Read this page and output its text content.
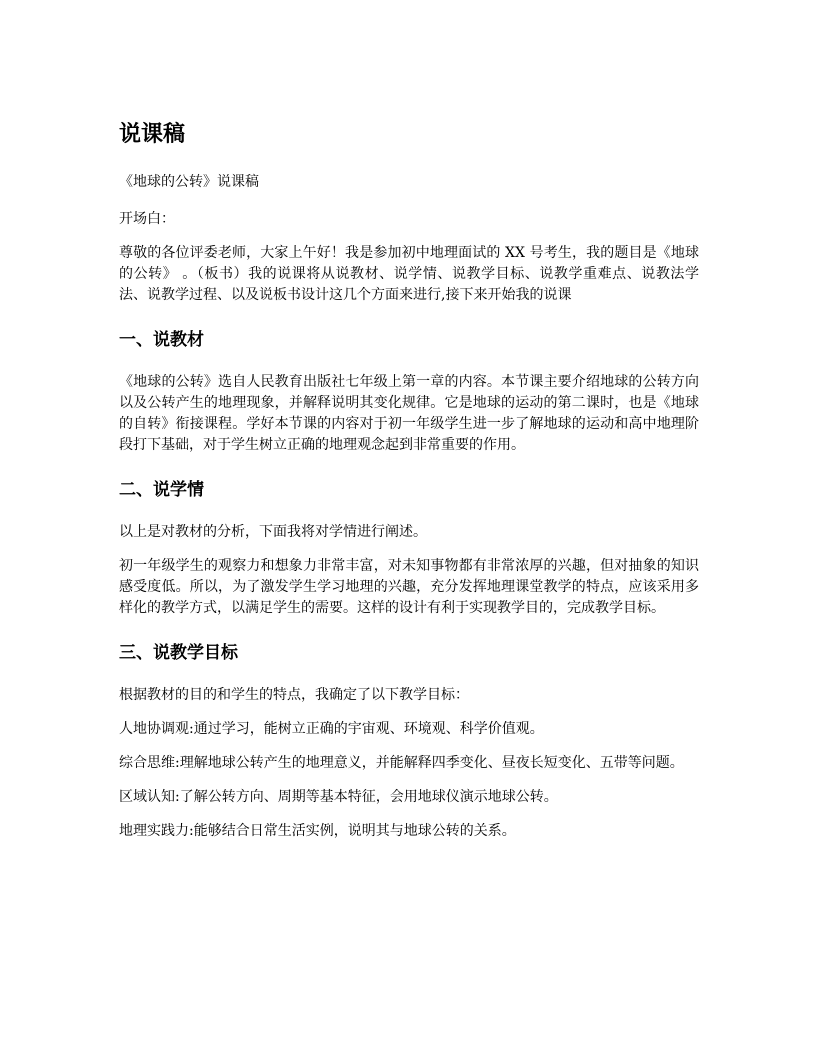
说课稿

《地球的公转》说课稿

开场白：

尊敬的各位评委老师，大家上午好！我是参加初中地理面试的 XX 号考生，我的题目是《地球的公转》 。（板书）我的说课将从说教材、说学情、说教学目标、说教学重难点、说教法学法、说教学过程、以及说板书设计这几个方面来进行,接下来开始我的说课

一、说教材

《地球的公转》选自人民教育出版社七年级上第一章的内容。本节课主要介绍地球的公转方向以及公转产生的地理现象，并解释说明其变化规律。它是地球的运动的第二课时，也是《地球的自转》衔接课程。学好本节课的内容对于初一年级学生进一步了解地球的运动和高中地理阶段打下基础，对于学生树立正确的地理观念起到非常重要的作用。

二、说学情

以上是对教材的分析，下面我将对学情进行阐述。

初一年级学生的观察力和想象力非常丰富，对未知事物都有非常浓厚的兴趣，但对抽象的知识感受度低。所以，为了激发学生学习地理的兴趣，充分发挥地理课堂教学的特点，应该采用多样化的教学方式，以满足学生的需要。这样的设计有利于实现教学目的，完成教学目标。

三、说教学目标

根据教材的目的和学生的特点，我确定了以下教学目标：

人地协调观:通过学习，能树立正确的宇宙观、环境观、科学价值观。

综合思维:理解地球公转产生的地理意义，并能解释四季变化、昼夜长短变化、五带等问题。

区域认知:了解公转方向、周期等基本特征，会用地球仪演示地球公转。

地理实践力:能够结合日常生活实例，说明其与地球公转的关系。
